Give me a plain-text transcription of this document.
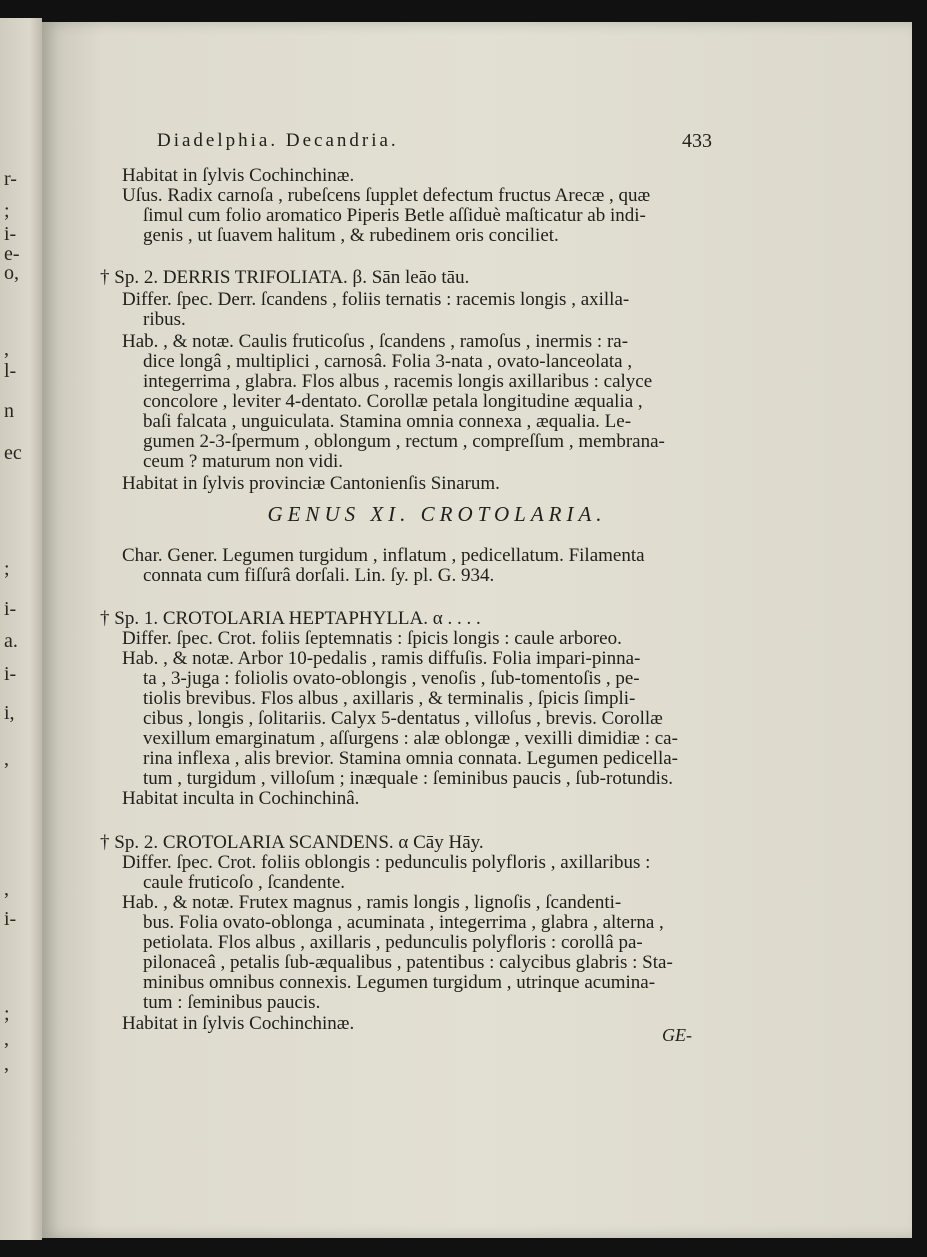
r-
;
i-
e-
o,
,
l-
n
ec
;
i-
a.
i-
i,
,
,
i-
;
,
,
Diadelphia. Decandria.	433
Habitat in ſylvis Cochinchinæ.
Uſus. Radix carnoſa , rubeſcens ſupplet defectum fructus Arecæ , quæ
ſimul cum folio aromatico Piperis Betle aſſiduè maſticatur ab indi-
genis , ut ſuavem halitum , & rubedinem oris conciliet.
† Sp. 2. DERRIS TRIFOLIATA. β. Sān leāo tāu.
Differ. ſpec. Derr. ſcandens , foliis ternatis : racemis longis , axilla-
ribus.
Hab. , & notæ. Caulis fruticoſus , ſcandens , ramoſus , inermis : ra-
dice longâ , multiplici , carnosâ. Folia 3-nata , ovato-lanceolata ,
integerrima , glabra. Flos albus , racemis longis axillaribus : calyce
concolore , leviter 4-dentato. Corollæ petala longitudine æqualia ,
baſi falcata , unguiculata. Stamina omnia connexa , æqualia. Le-
gumen 2-3-ſpermum , oblongum , rectum , compreſſum , membrana-
ceum ? maturum non vidi.
Habitat in ſylvis provinciæ Cantonienſis Sinarum.
Char. Gener. Legumen turgidum , inflatum , pedicellatum. Filamenta
connata cum fiſſurâ dorſali. Lin. ſy. pl. G. 934.
† Sp. 1. CROTOLARIA HEPTAPHYLLA. α . . . .
Differ. ſpec. Crot. foliis ſeptemnatis : ſpicis longis : caule arboreo.
Hab. , & notæ. Arbor 10-pedalis , ramis diffuſis. Folia impari-pinna-
ta , 3-juga : foliolis ovato-oblongis , venoſis , ſub-tomentoſis , pe-
tiolis brevibus. Flos albus , axillaris , & terminalis , ſpicis ſimpli-
cibus , longis , ſolitariis. Calyx 5-dentatus , villoſus , brevis. Corollæ
vexillum emarginatum , aſſurgens : alæ oblongæ , vexilli dimidiæ : ca-
rina inflexa , alis brevior. Stamina omnia connata. Legumen pedicella-
tum , turgidum , villoſum ; inæquale : ſeminibus paucis , ſub-rotundis.
Habitat inculta in Cochinchinâ.
† Sp. 2. CROTOLARIA SCANDENS. α Cāy Hāy.
Differ. ſpec. Crot. foliis oblongis : pedunculis polyfloris , axillaribus :
caule fruticoſo , ſcandente.
Hab. , & notæ. Frutex magnus , ramis longis , lignoſis , ſcandenti-
bus. Folia ovato-oblonga , acuminata , integerrima , glabra , alterna ,
petiolata. Flos albus , axillaris , pedunculis polyfloris : corollâ pa-
pilonaceâ , petalis ſub-æqualibus , patentibus : calycibus glabris : Sta-
minibus omnibus connexis. Legumen turgidum , utrinque acumina-
tum : ſeminibus paucis.
Habitat in ſylvis Cochinchinæ.
GENUS XI. CROTOLARIA.
GE-
